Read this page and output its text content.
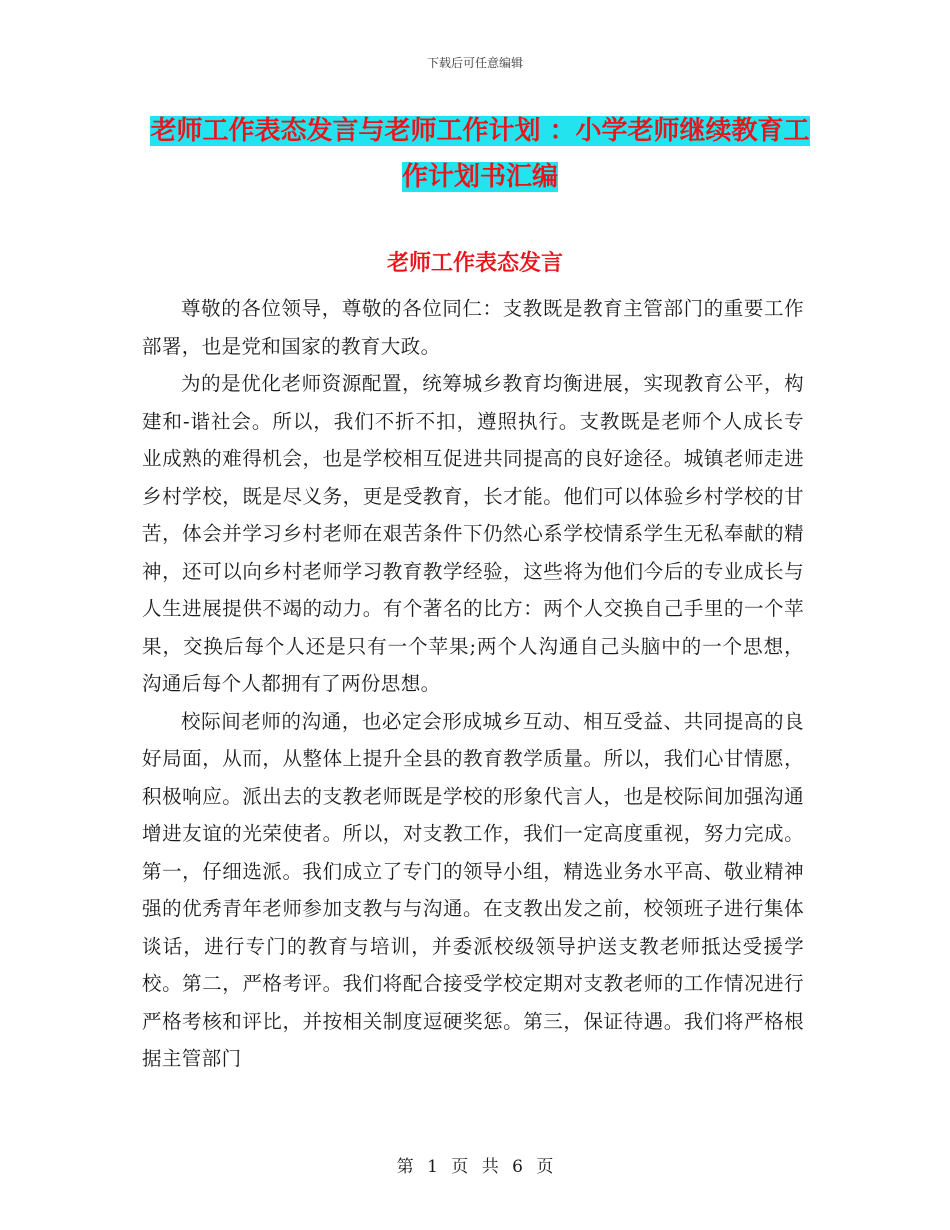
下载后可任意编辑
老师工作表态发言与老师工作计划 ：小学老师继续教育工作计划书汇编
老师工作表态发言

尊敬的各位领导，尊敬的各位同仁：支教既是教育主管部门的重要工作部署，也是党和国家的教育大政。

为的是优化老师资源配置，统筹城乡教育均衡进展，实现教育公平，构建和-谐社会。所以，我们不折不扣，遵照执行。支教既是老师个人成长专业成熟的难得机会，也是学校相互促进共同提高的良好途径。城镇老师走进乡村学校，既是尽义务，更是受教育，长才能。他们可以体验乡村学校的甘苦，体会并学习乡村老师在艰苦条件下仍然心系学校情系学生无私奉献的精神，还可以向乡村老师学习教育教学经验，这些将为他们今后的专业成长与人生进展提供不竭的动力。有个著名的比方：两个人交换自己手里的一个苹果，交换后每个人还是只有一个苹果;两个人沟通自己头脑中的一个思想，沟通后每个人都拥有了两份思想。

校际间老师的沟通，也必定会形成城乡互动、相互受益、共同提高的良好局面，从而，从整体上提升全县的教育教学质量。所以，我们心甘情愿，积极响应。派出去的支教老师既是学校的形象代言人，也是校际间加强沟通增进友谊的光荣使者。所以，对支教工作，我们一定高度重视，努力完成。第一，仔细选派。我们成立了专门的领导小组，精选业务水平高、敬业精神强的优秀青年老师参加支教与与沟通。在支教出发之前，校领班子进行集体谈话，进行专门的教育与培训，并委派校级领导护送支教老师抵达受援学校。第二，严格考评。我们将配合接受学校定期对支教老师的工作情况进行严格考核和评比，并按相关制度逗硬奖惩。第三，保证待遇。我们将严格根据主管部门

第 1 页 共 6 页
